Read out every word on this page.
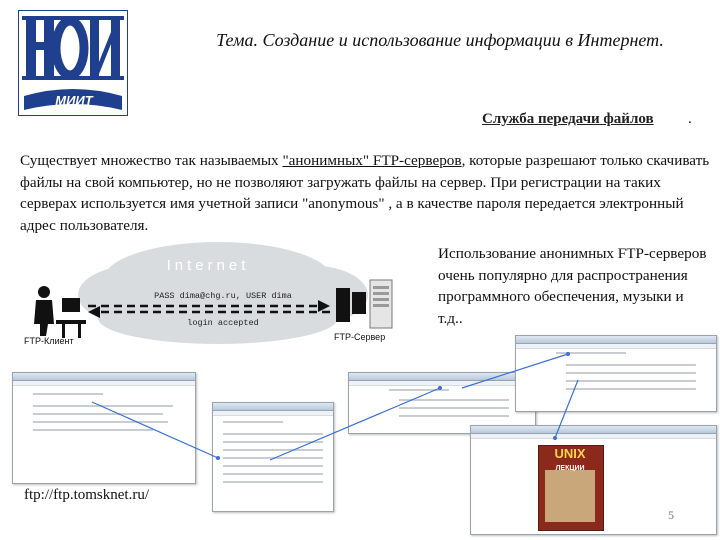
МИИТ
Тема. Создание и использование информации в Интернет.
Служба передачи файлов .
Существует множество так называемых "анонимных" FTP-серверов, которые разрешают только скачивать файлы на свой компьютер, но не позволяют загружать файлы на сервер. При регистрации на таких серверах используется имя учетной записи "anonymous" , а в качестве пароля передается электронный адрес пользователя.
Использование анонимных FTP-серверов очень популярно для распространения программного обеспечения, музыки и т.д..
Internet
PASS dima@chg.ru, USER dima
login accepted
FTP-Клиент	FTP-Сервер
UNIX
ЛЕКЦИИ
ftp://ftp.tomsknet.ru/
5
